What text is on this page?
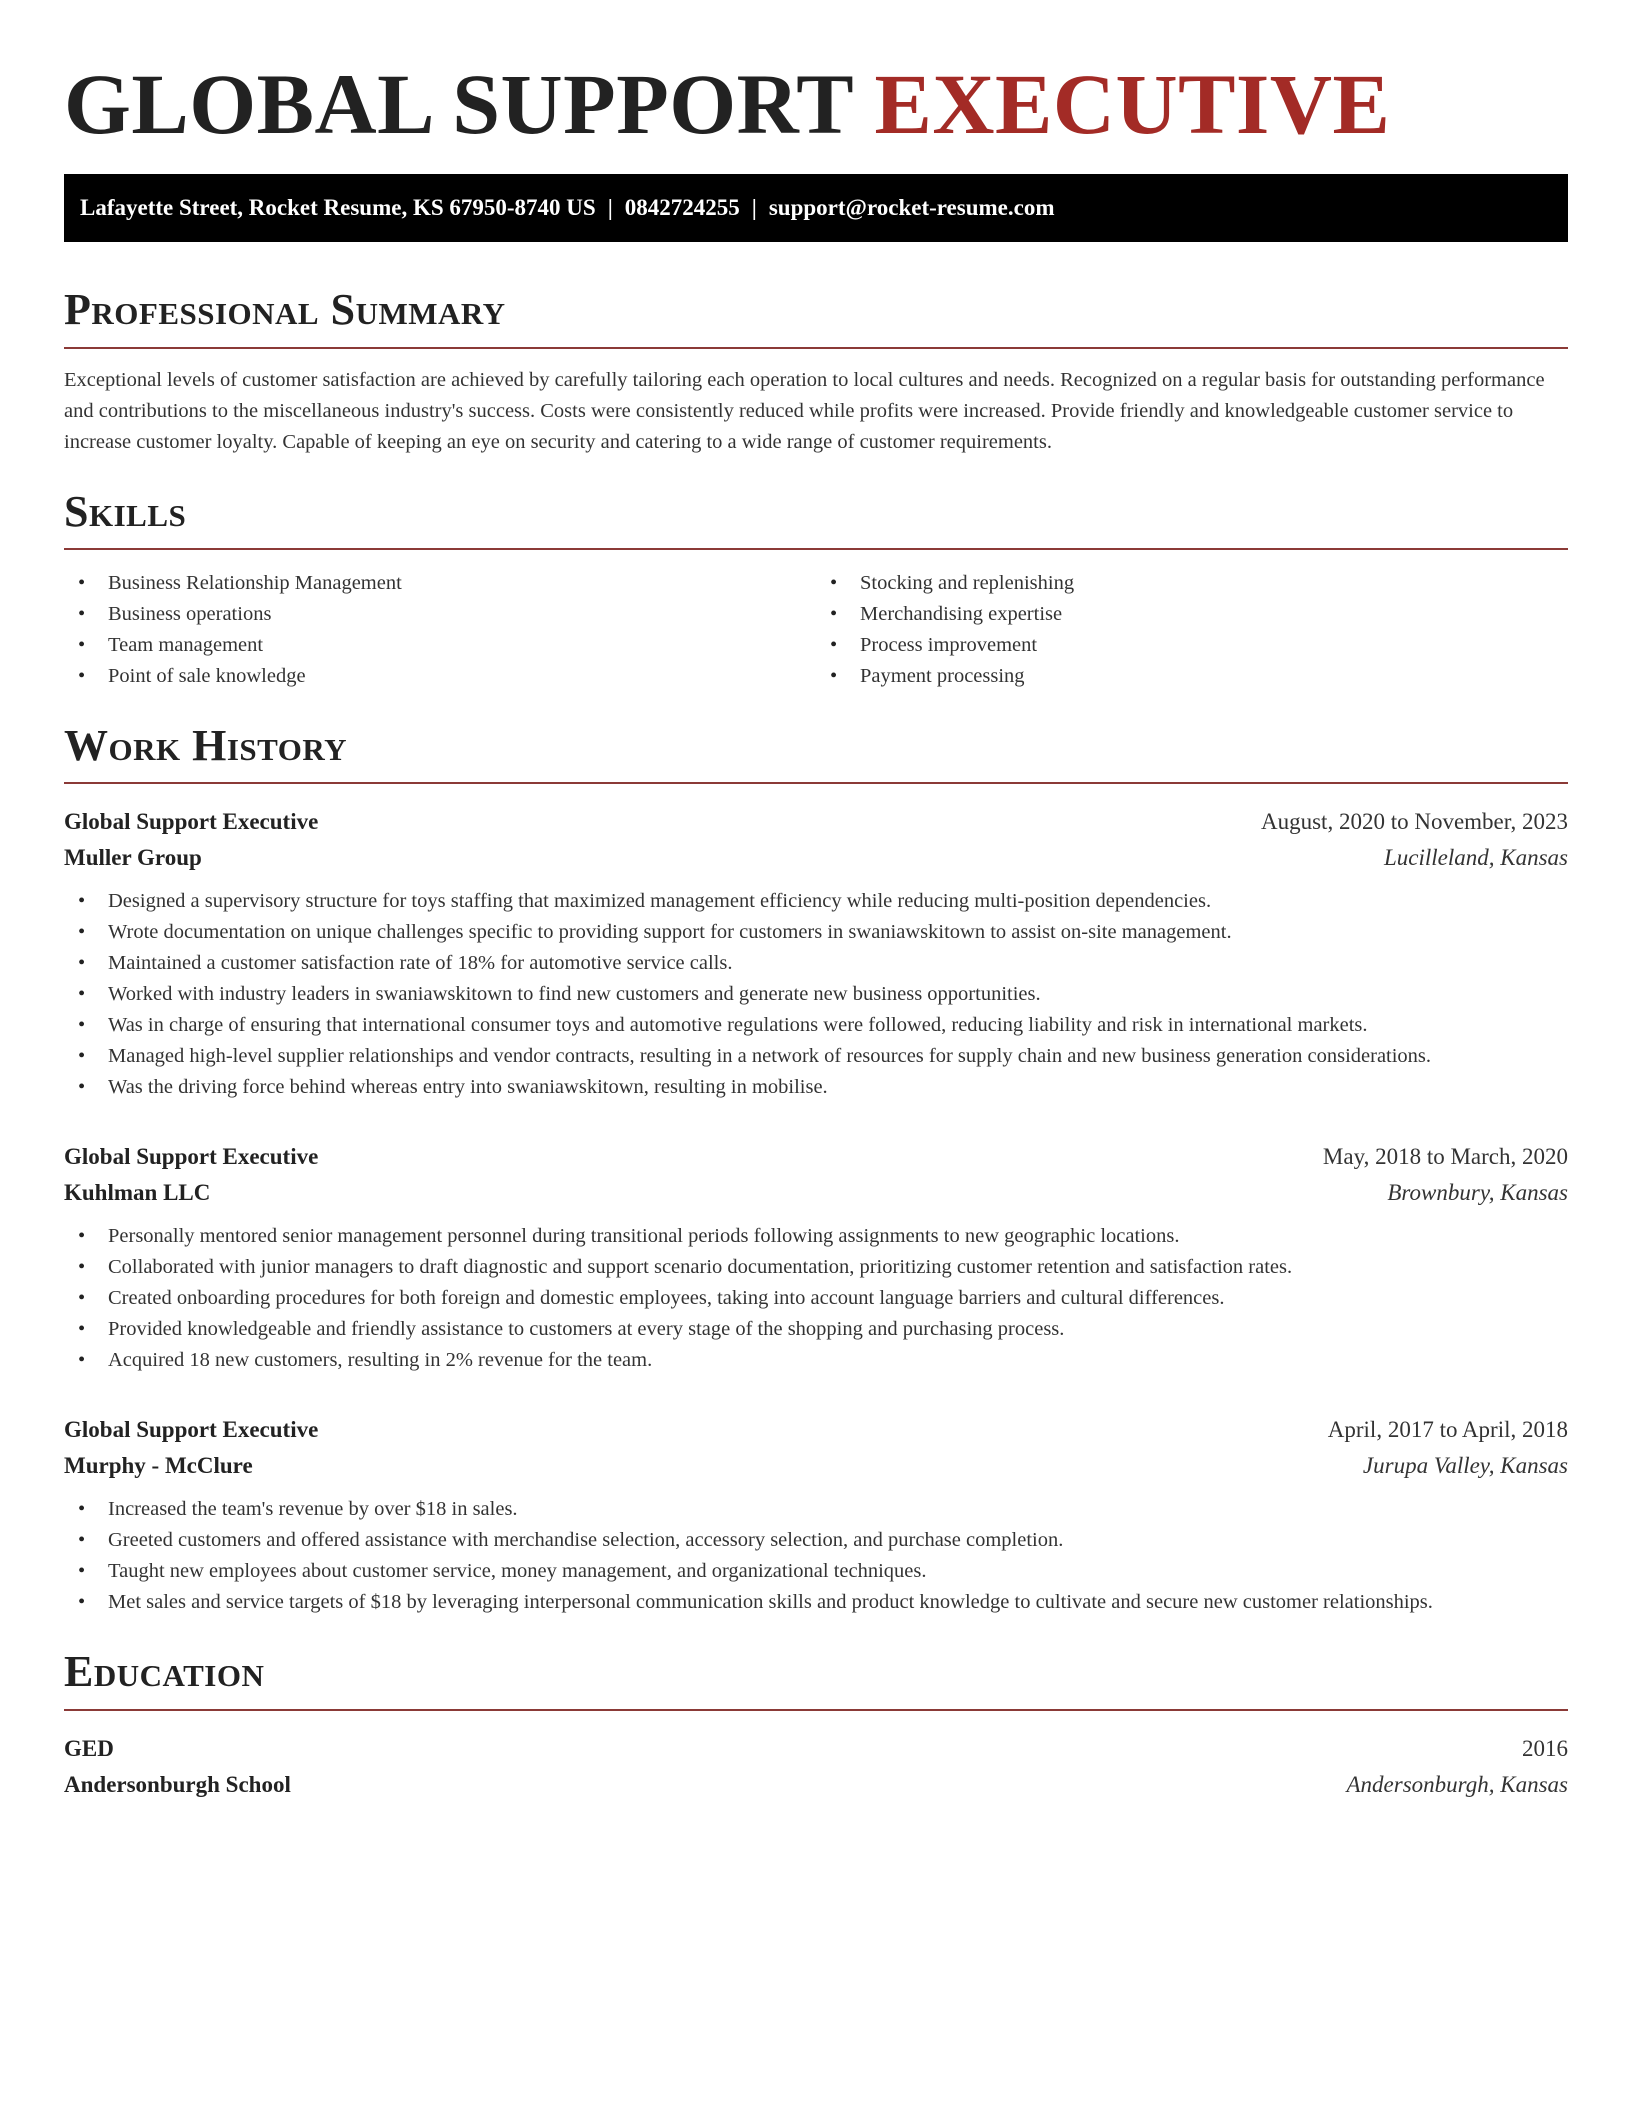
GLOBAL SUPPORT EXECUTIVE
Lafayette Street, Rocket Resume, KS 67950-8740 US | 0842724255 | support@rocket-resume.com
Professional Summary

Exceptional levels of customer satisfaction are achieved by carefully tailoring each operation to local cultures and needs. Recognized on a regular basis for outstanding performance and contributions to the miscellaneous industry's success. Costs were consistently reduced while profits were increased. Provide friendly and knowledgeable customer service to increase customer loyalty. Capable of keeping an eye on security and catering to a wide range of customer requirements.

Skills
• Business Relationship Management
• Business operations
• Team management
• Point of sale knowledge
• Stocking and replenishing
• Merchandising expertise
• Process improvement
• Payment processing
Work History
Global Support Executive	August, 2020 to November, 2023
Muller Group	Lucilleland, Kansas
• Designed a supervisory structure for toys staffing that maximized management efficiency while reducing multi-position dependencies.
• Wrote documentation on unique challenges specific to providing support for customers in swaniawskitown to assist on-site management.
• Maintained a customer satisfaction rate of 18% for automotive service calls.
• Worked with industry leaders in swaniawskitown to find new customers and generate new business opportunities.
• Was in charge of ensuring that international consumer toys and automotive regulations were followed, reducing liability and risk in international markets.
• Managed high-level supplier relationships and vendor contracts, resulting in a network of resources for supply chain and new business generation considerations.
• Was the driving force behind whereas entry into swaniawskitown, resulting in mobilise.
Global Support Executive	May, 2018 to March, 2020
Kuhlman LLC	Brownbury, Kansas
• Personally mentored senior management personnel during transitional periods following assignments to new geographic locations.
• Collaborated with junior managers to draft diagnostic and support scenario documentation, prioritizing customer retention and satisfaction rates.
• Created onboarding procedures for both foreign and domestic employees, taking into account language barriers and cultural differences.
• Provided knowledgeable and friendly assistance to customers at every stage of the shopping and purchasing process.
• Acquired 18 new customers, resulting in 2% revenue for the team.
Global Support Executive	April, 2017 to April, 2018
Murphy - McClure	Jurupa Valley, Kansas
• Increased the team's revenue by over $18 in sales.
• Greeted customers and offered assistance with merchandise selection, accessory selection, and purchase completion.
• Taught new employees about customer service, money management, and organizational techniques.
• Met sales and service targets of $18 by leveraging interpersonal communication skills and product knowledge to cultivate and secure new customer relationships.
Education
GED	2016
Andersonburgh School	Andersonburgh, Kansas
